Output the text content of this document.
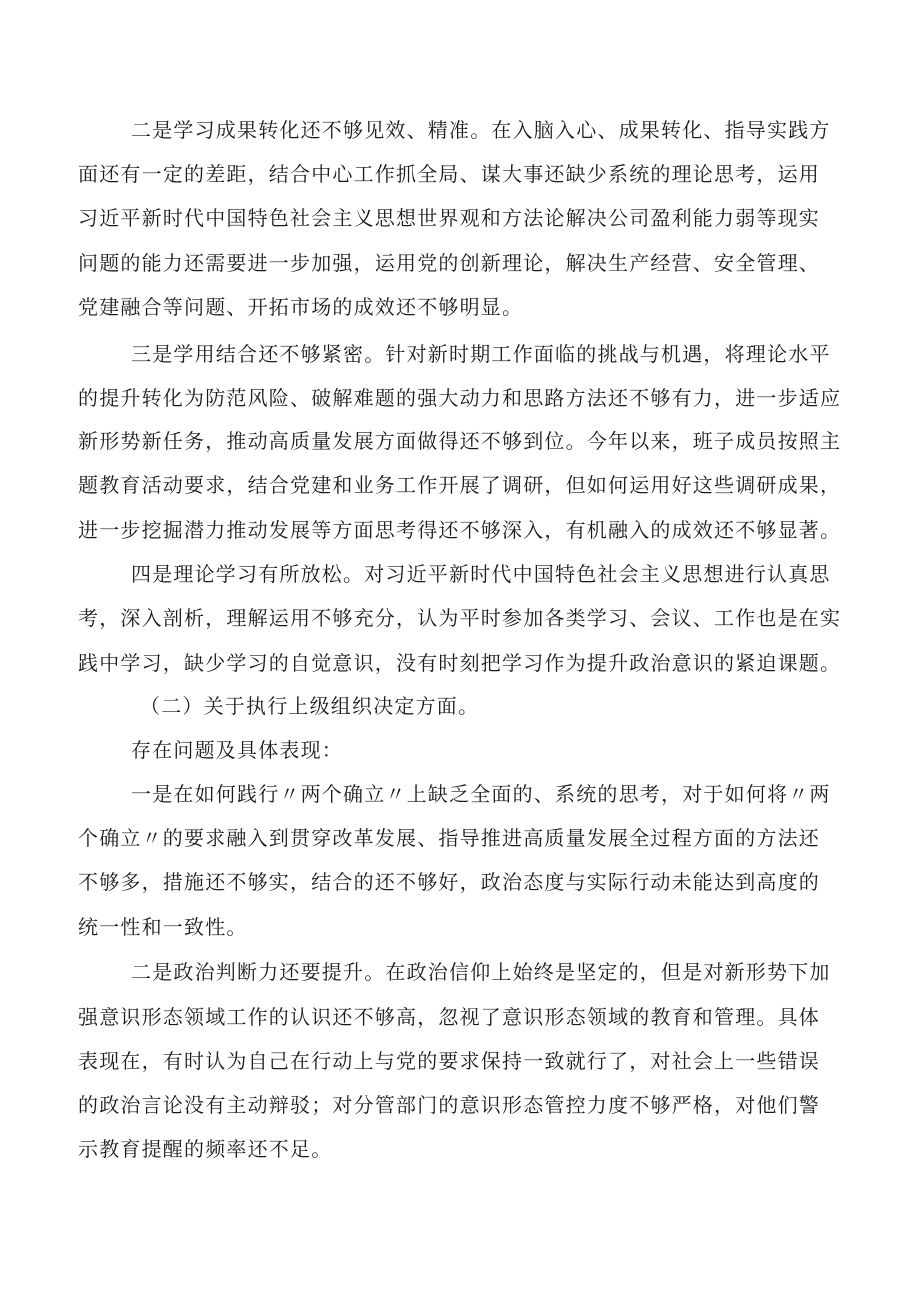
二是学习成果转化还不够见效、精准。在入脑入心、成果转化、指导实践方
面还有一定的差距，结合中心工作抓全局、谋大事还缺少系统的理论思考，运用
习近平新时代中国特色社会主义思想世界观和方法论解决公司盈利能力弱等现实
问题的能力还需要进一步加强，运用党的创新理论，解决生产经营、安全管理、
党建融合等问题、开拓市场的成效还不够明显。
三是学用结合还不够紧密。针对新时期工作面临的挑战与机遇，将理论水平
的提升转化为防范风险、破解难题的强大动力和思路方法还不够有力，进一步适应
新形势新任务，推动高质量发展方面做得还不够到位。今年以来，班子成员按照主
题教育活动要求，结合党建和业务工作开展了调研，但如何运用好这些调研成果，
进一步挖掘潜力推动发展等方面思考得还不够深入，有机融入的成效还不够显著。
四是理论学习有所放松。对习近平新时代中国特色社会主义思想进行认真思
考，深入剖析，理解运用不够充分，认为平时参加各类学习、会议、工作也是在实
践中学习，缺少学习的自觉意识，没有时刻把学习作为提升政治意识的紧迫课题。
（二）关于执行上级组织决定方面。
存在问题及具体表现：
一是在如何践行〃两个确立〃上缺乏全面的、系统的思考，对于如何将〃两
个确立〃的要求融入到贯穿改革发展、指导推进高质量发展全过程方面的方法还
不够多，措施还不够实，结合的还不够好，政治态度与实际行动未能达到高度的
统一性和一致性。
二是政治判断力还要提升。在政治信仰上始终是坚定的，但是对新形势下加
强意识形态领域工作的认识还不够高，忽视了意识形态领域的教育和管理。具体
表现在，有时认为自己在行动上与党的要求保持一致就行了，对社会上一些错误
的政治言论没有主动辩驳；对分管部门的意识形态管控力度不够严格，对他们警
示教育提醒的频率还不足。
